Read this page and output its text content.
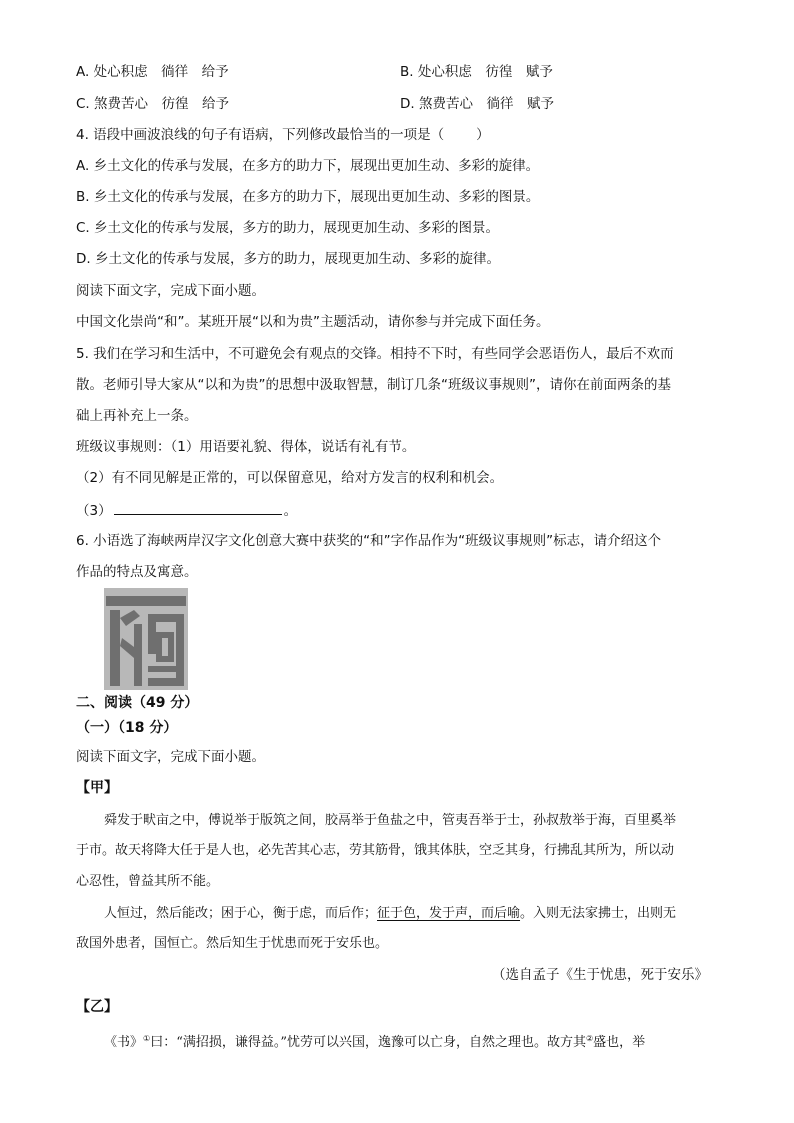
A. 处心积虑　徜徉　给予	B. 处心积虑　彷徨　赋予
C. 煞费苦心　彷徨　给予	D. 煞费苦心　徜徉　赋予
4. 语段中画波浪线的句子有语病，下列修改最恰当的一项是（ ）
A. 乡土文化的传承与发展，在多方的助力下，展现出更加生动、多彩的旋律。
B. 乡土文化的传承与发展，在多方的助力下，展现出更加生动、多彩的图景。
C. 乡土文化的传承与发展，多方的助力，展现更加生动、多彩的图景。
D. 乡土文化的传承与发展，多方的助力，展现更加生动、多彩的旋律。
阅读下面文字，完成下面小题。
中国文化崇尚“和”。某班开展“以和为贵”主题活动，请你参与并完成下面任务。
5. 我们在学习和生活中，不可避免会有观点的交锋。相持不下时，有些同学会恶语伤人，最后不欢而
散。老师引导大家从“以和为贵”的思想中汲取智慧，制订几条“班级议事规则”，请你在前面两条的基
础上再补充上一条。
班级议事规则：（1）用语要礼貌、得体，说话有礼有节。
（2）有不同见解是正常的，可以保留意见，给对方发言的权利和机会。
（3）	。
6. 小语选了海峡两岸汉字文化创意大赛中获奖的“和”字作品作为“班级议事规则”标志，请介绍这个
作品的特点及寓意。
二、阅读（49 分）
（一）（18 分）
阅读下面文字，完成下面小题。
【甲】
舜发于畎亩之中，傅说举于版筑之间，胶鬲举于鱼盐之中，管夷吾举于士，孙叔敖举于海，百里奚举
于市。故天将降大任于是人也，必先苦其心志，劳其筋骨，饿其体肤，空乏其身，行拂乱其所为，所以动
心忍性，曾益其所不能。
人恒过，然后能改；困于心，衡于虑，而后作；征于色，发于声，而后喻。入则无法家拂士，出则无
敌国外患者，国恒亡。然后知生于忧患而死于安乐也。
（选自孟子《生于忧患，死于安乐》
【乙】
《书》①曰：“满招损，谦得益。”忧劳可以兴国，逸豫可以亡身，自然之理也。故方其②盛也，举
